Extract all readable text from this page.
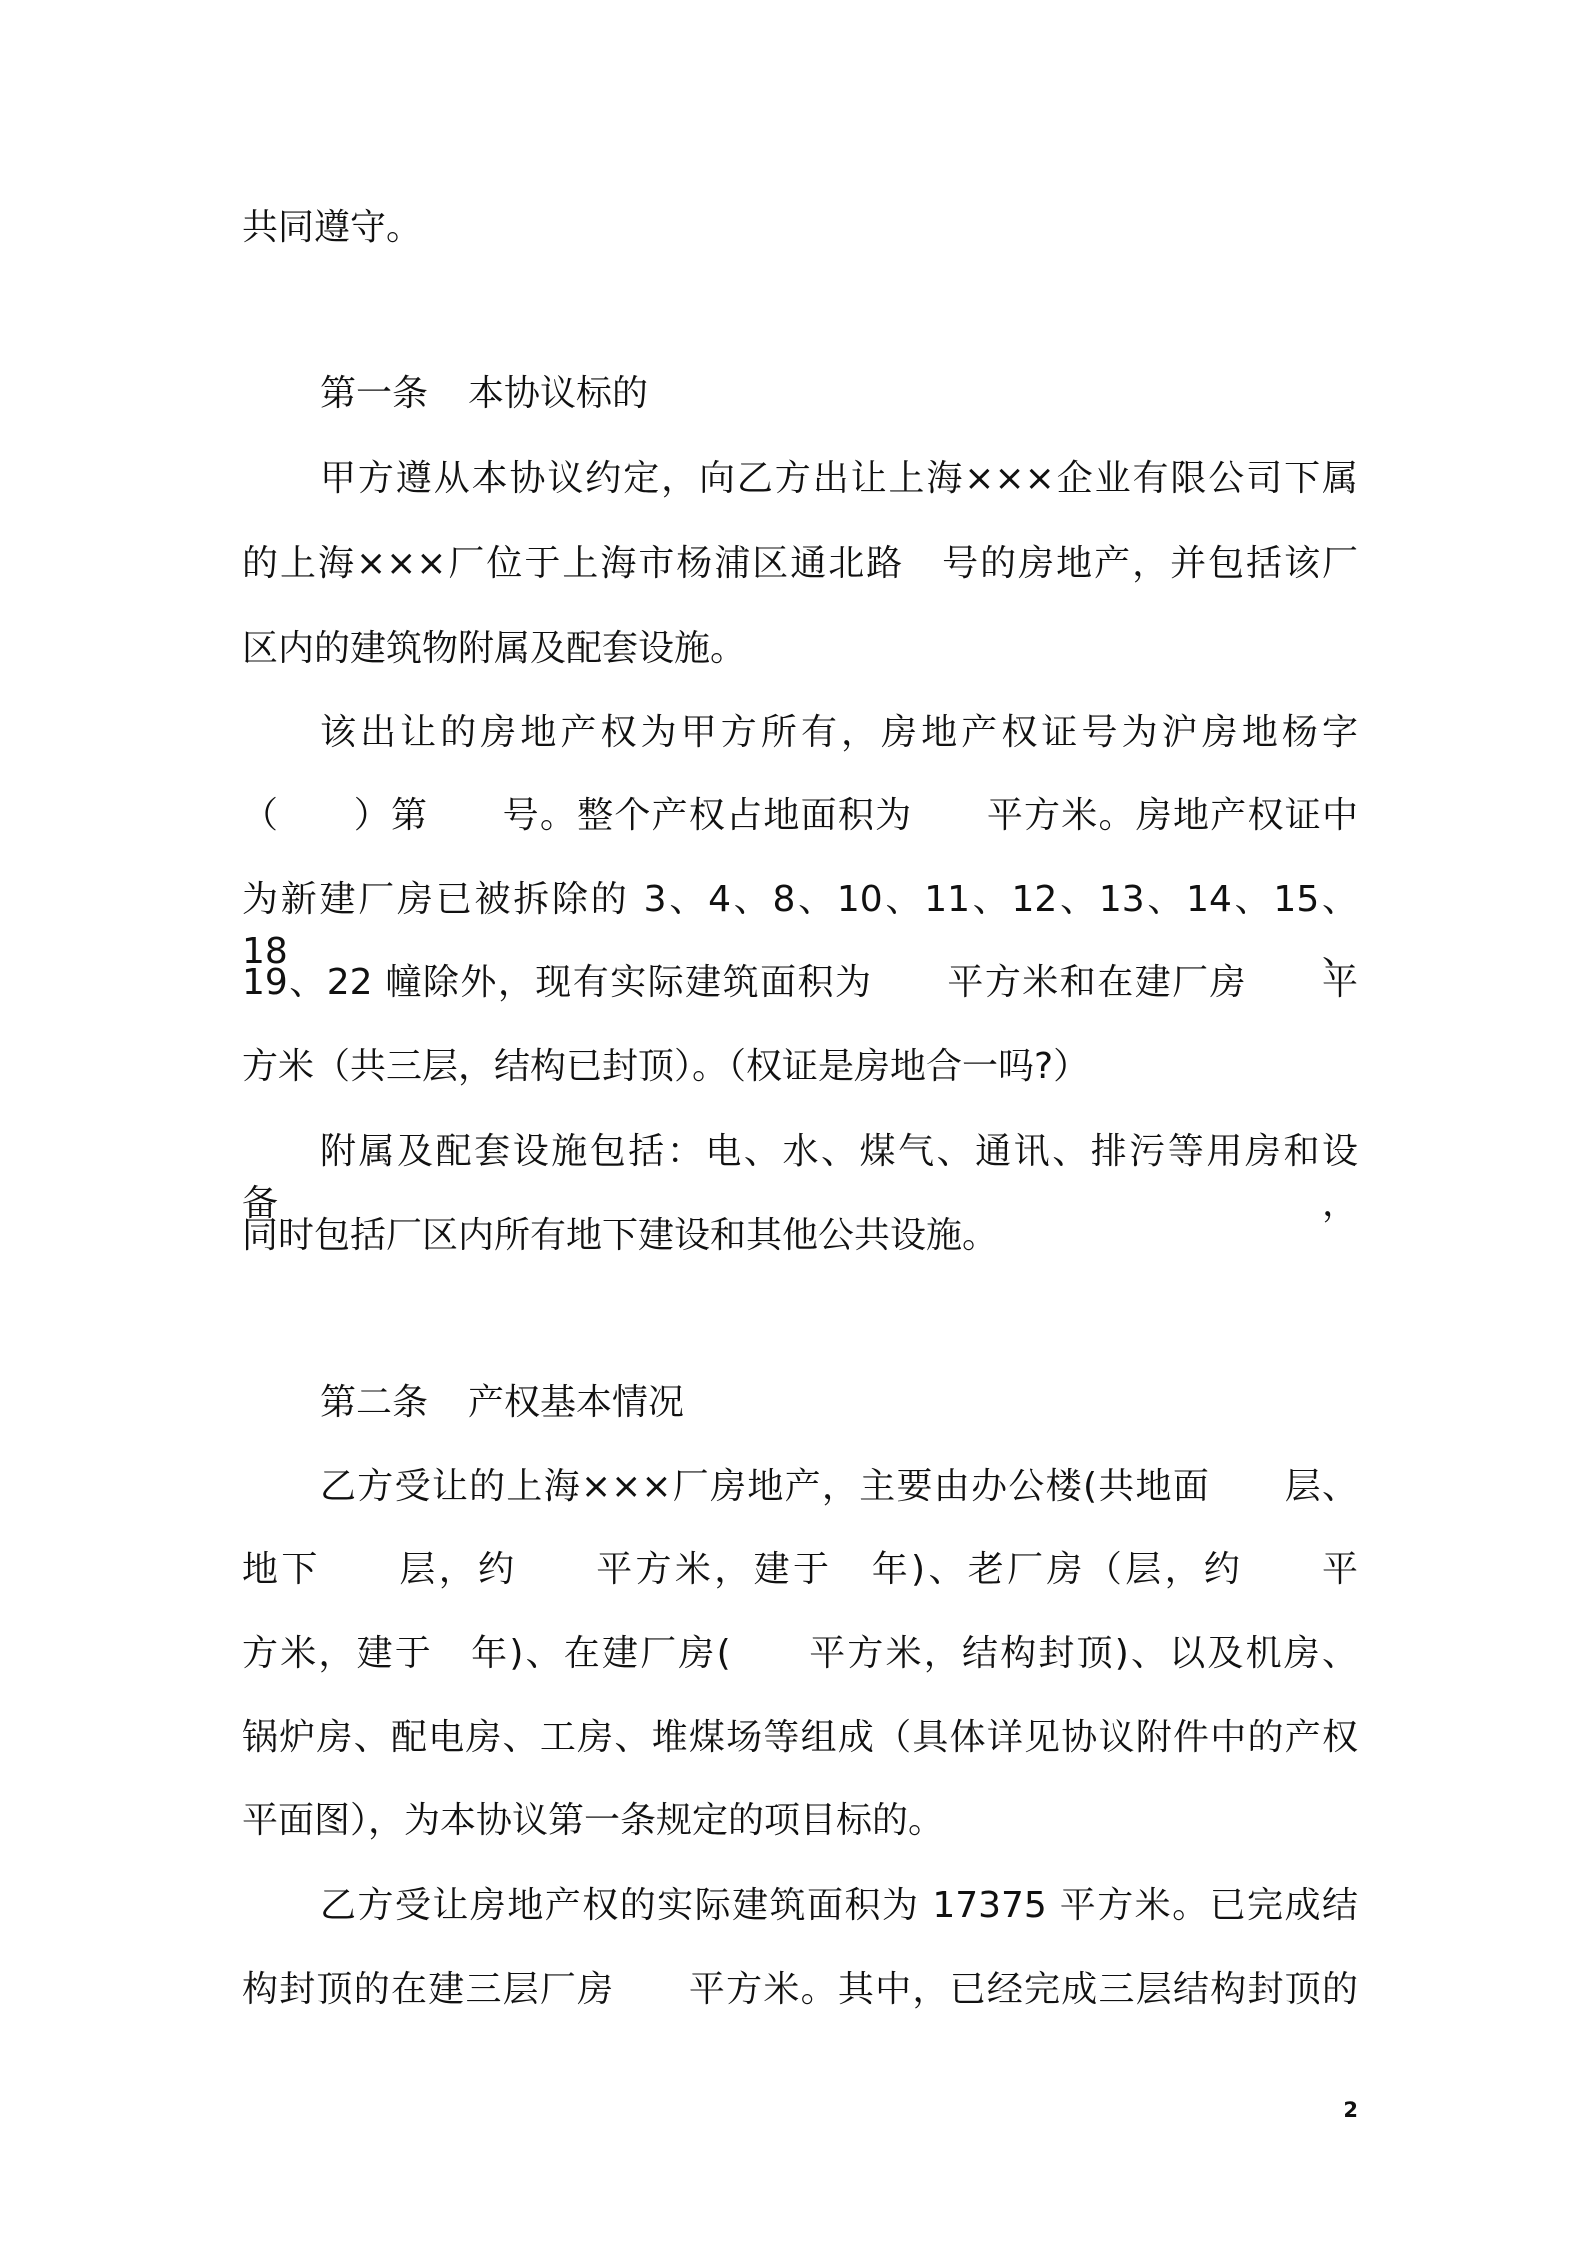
共同遵守。
第一条 本协议标的
甲方遵从本协议约定，向乙方出让上海×××企业有限公司下属
的上海×××厂位于上海市杨浦区通北路　号的房地产，并包括该厂
区内的建筑物附属及配套设施。
该出让的房地产权为甲方所有，房地产权证号为沪房地杨字
（　　）第　　号。整个产权占地面积为　　平方米。房地产权证中
为新建厂房已被拆除的 3、4、8、10、11、12、13、14、15、18、
19、22 幢除外，现有实际建筑面积为　　平方米和在建厂房　　平
方米（共三层，结构已封顶）。（权证是房地合一吗?）
附属及配套设施包括：电、水、煤气、通讯、排污等用房和设备，
同时包括厂区内所有地下建设和其他公共设施。
第二条 产权基本情况
乙方受让的上海×××厂房地产，主要由办公楼(共地面　　层、
地下　　层，约　　平方米，建于　年)、老厂房（层，约　　平
方米，建于　年)、在建厂房(　　平方米，结构封顶)、以及机房、
锅炉房、配电房、工房、堆煤场等组成（具体详见协议附件中的产权
平面图），为本协议第一条规定的项目标的。
乙方受让房地产权的实际建筑面积为 17375 平方米。已完成结
构封顶的在建三层厂房　　平方米。其中，已经完成三层结构封顶的
2
